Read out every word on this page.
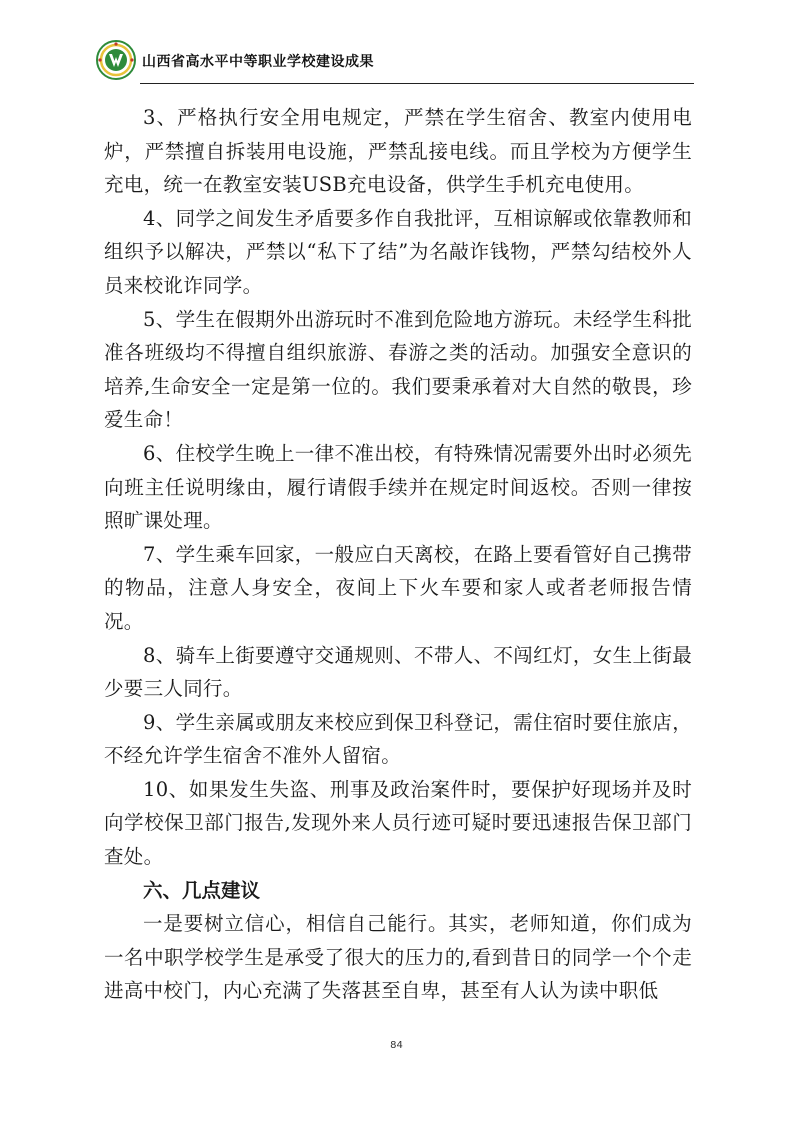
山西省高水平中等职业学校建设成果

3、严格执行安全用电规定，严禁在学生宿舍、教室内使用电炉，严禁擅自拆装用电设施，严禁乱接电线。而且学校为方便学生充电，统一在教室安装USB充电设备，供学生手机充电使用。

4、同学之间发生矛盾要多作自我批评，互相谅解或依靠教师和组织予以解决，严禁以“私下了结”为名敲诈钱物，严禁勾结校外人员来校讹诈同学。

5、学生在假期外出游玩时不准到危险地方游玩。未经学生科批准各班级均不得擅自组织旅游、春游之类的活动。加强安全意识的培养,生命安全一定是第一位的。我们要秉承着对大自然的敬畏，珍爱生命！

6、住校学生晚上一律不准出校，有特殊情况需要外出时必须先向班主任说明缘由，履行请假手续并在规定时间返校。否则一律按照旷课处理。

7、学生乘车回家，一般应白天离校，在路上要看管好自己携带的物品，注意人身安全，夜间上下火车要和家人或者老师报告情况。

8、骑车上街要遵守交通规则、不带人、不闯红灯，女生上街最少要三人同行。

9、学生亲属或朋友来校应到保卫科登记，需住宿时要住旅店，不经允许学生宿舍不准外人留宿。

10、如果发生失盗、刑事及政治案件时，要保护好现场并及时向学校保卫部门报告,发现外来人员行迹可疑时要迅速报告保卫部门查处。

六、几点建议

一是要树立信心，相信自己能行。其实，老师知道，你们成为一名中职学校学生是承受了很大的压力的,看到昔日的同学一个个走进高中校门，内心充满了失落甚至自卑，甚至有人认为读中职低

84
